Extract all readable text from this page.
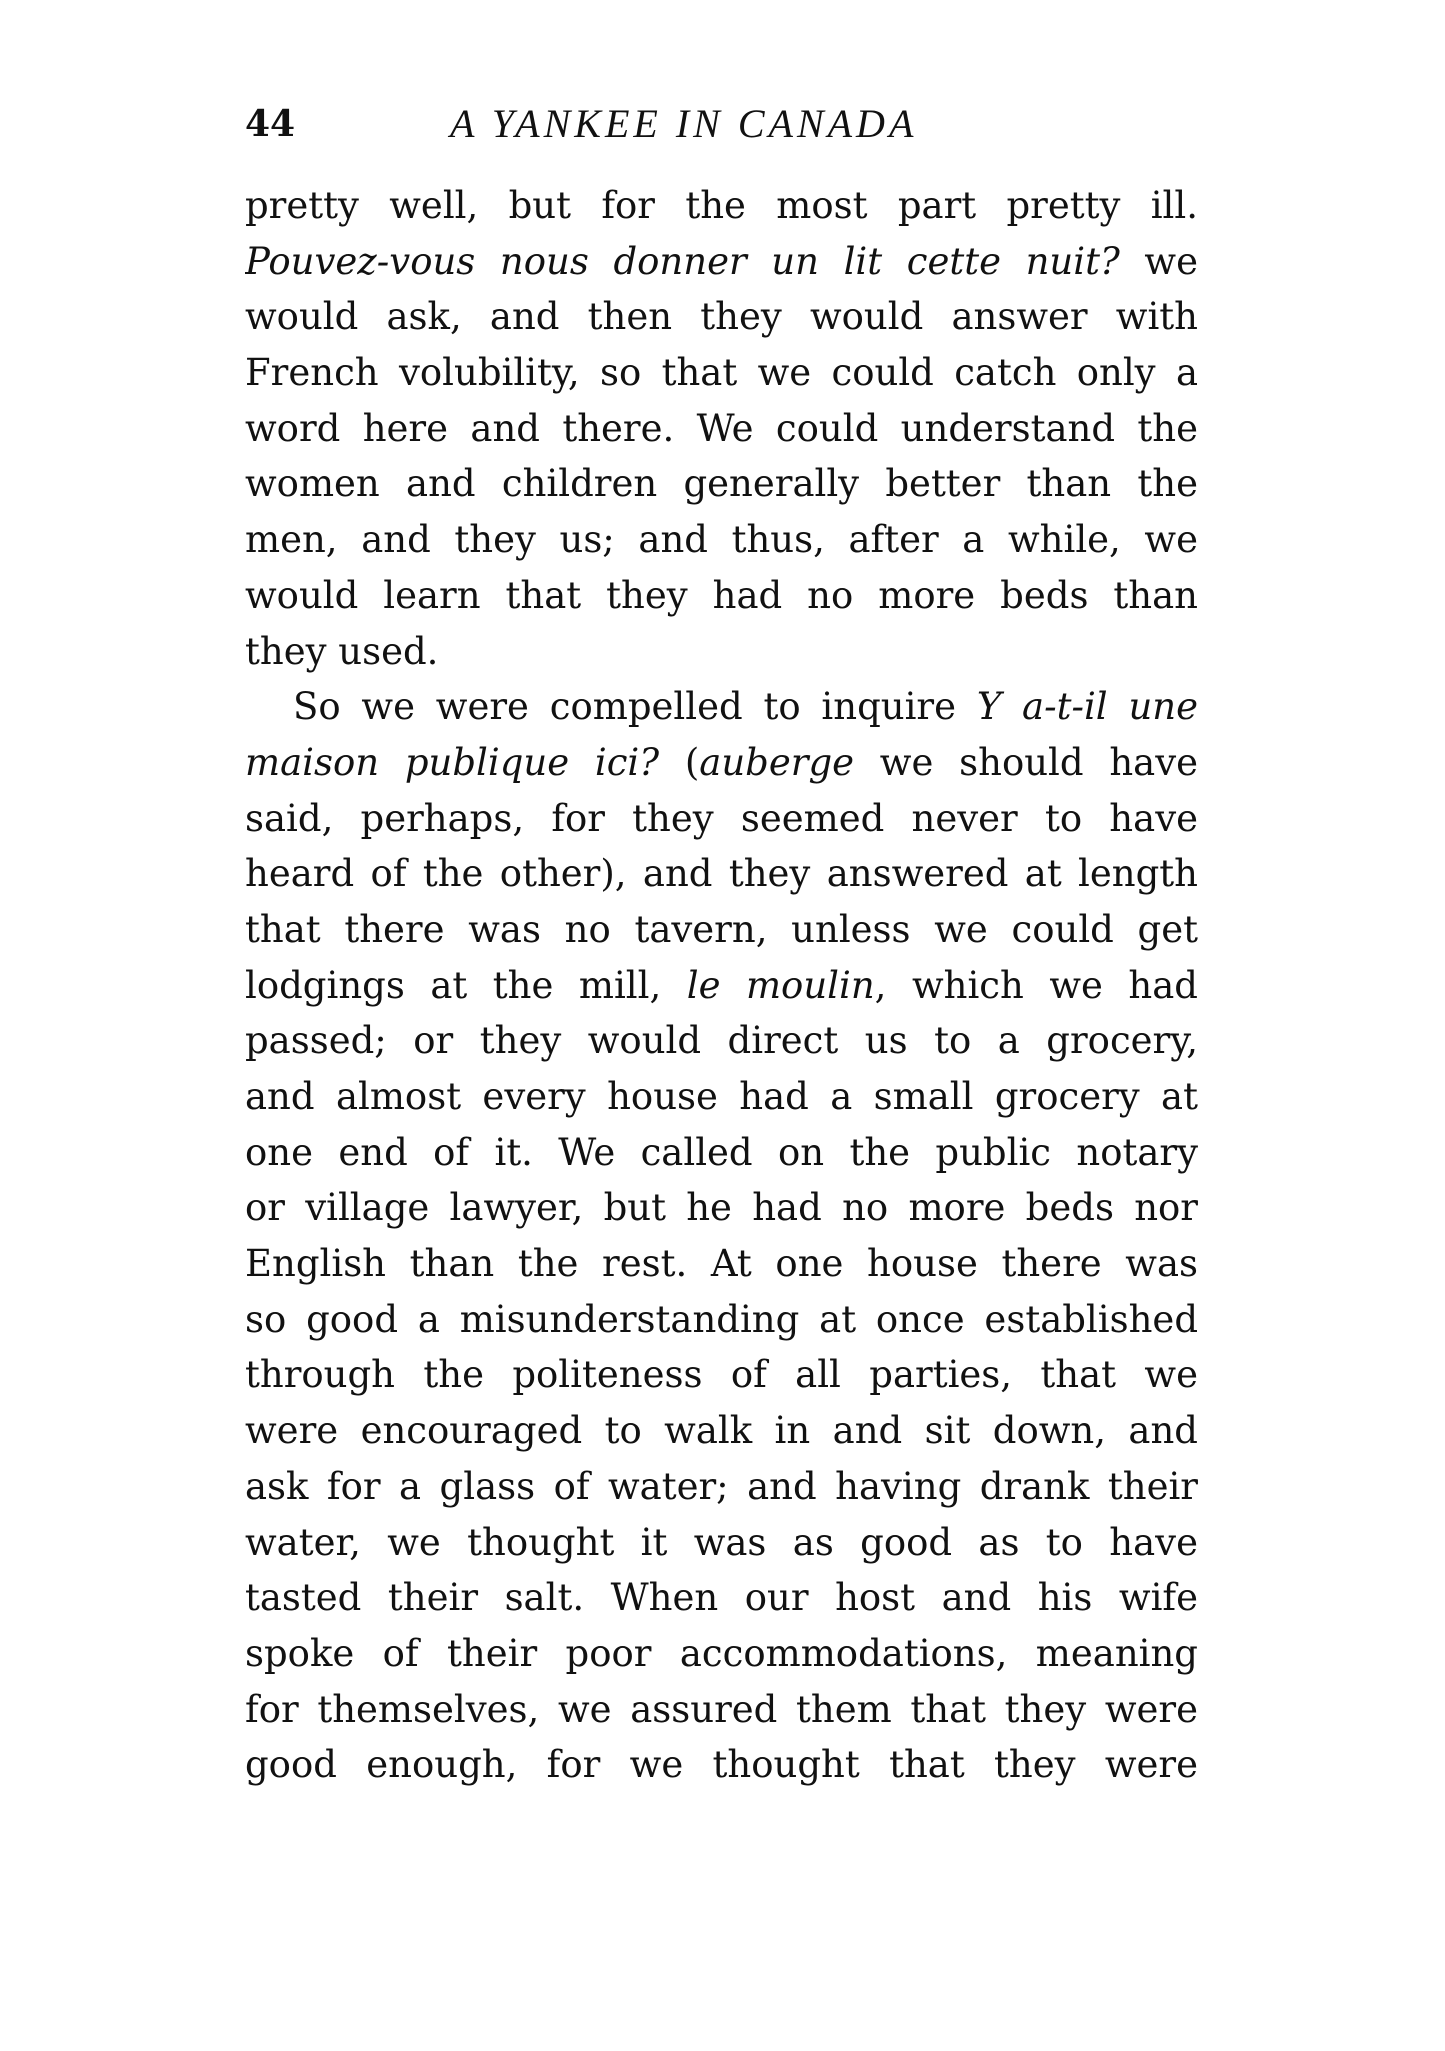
44	A YANKEE IN CANADA
pretty well, but for the most part pretty ill.
Pouvez-vous nous donner un lit cette nuit? we
would ask, and then they would answer with
French volubility, so that we could catch only a
word here and there. We could understand the
women and children generally better than the
men, and they us; and thus, after a while, we
would learn that they had no more beds than
they used.
So we were compelled to inquire Y a-t-il une
maison publique ici? (auberge we should have
said, perhaps, for they seemed never to have
heard of the other), and they answered at length
that there was no tavern, unless we could get
lodgings at the mill, le moulin, which we had
passed; or they would direct us to a grocery,
and almost every house had a small grocery at
one end of it. We called on the public notary
or village lawyer, but he had no more beds nor
English than the rest. At one house there was
so good a misunderstanding at once established
through the politeness of all parties, that we
were encouraged to walk in and sit down, and
ask for a glass of water; and having drank their
water, we thought it was as good as to have
tasted their salt. When our host and his wife
spoke of their poor accommodations, meaning
for themselves, we assured them that they were
good enough, for we thought that they were
